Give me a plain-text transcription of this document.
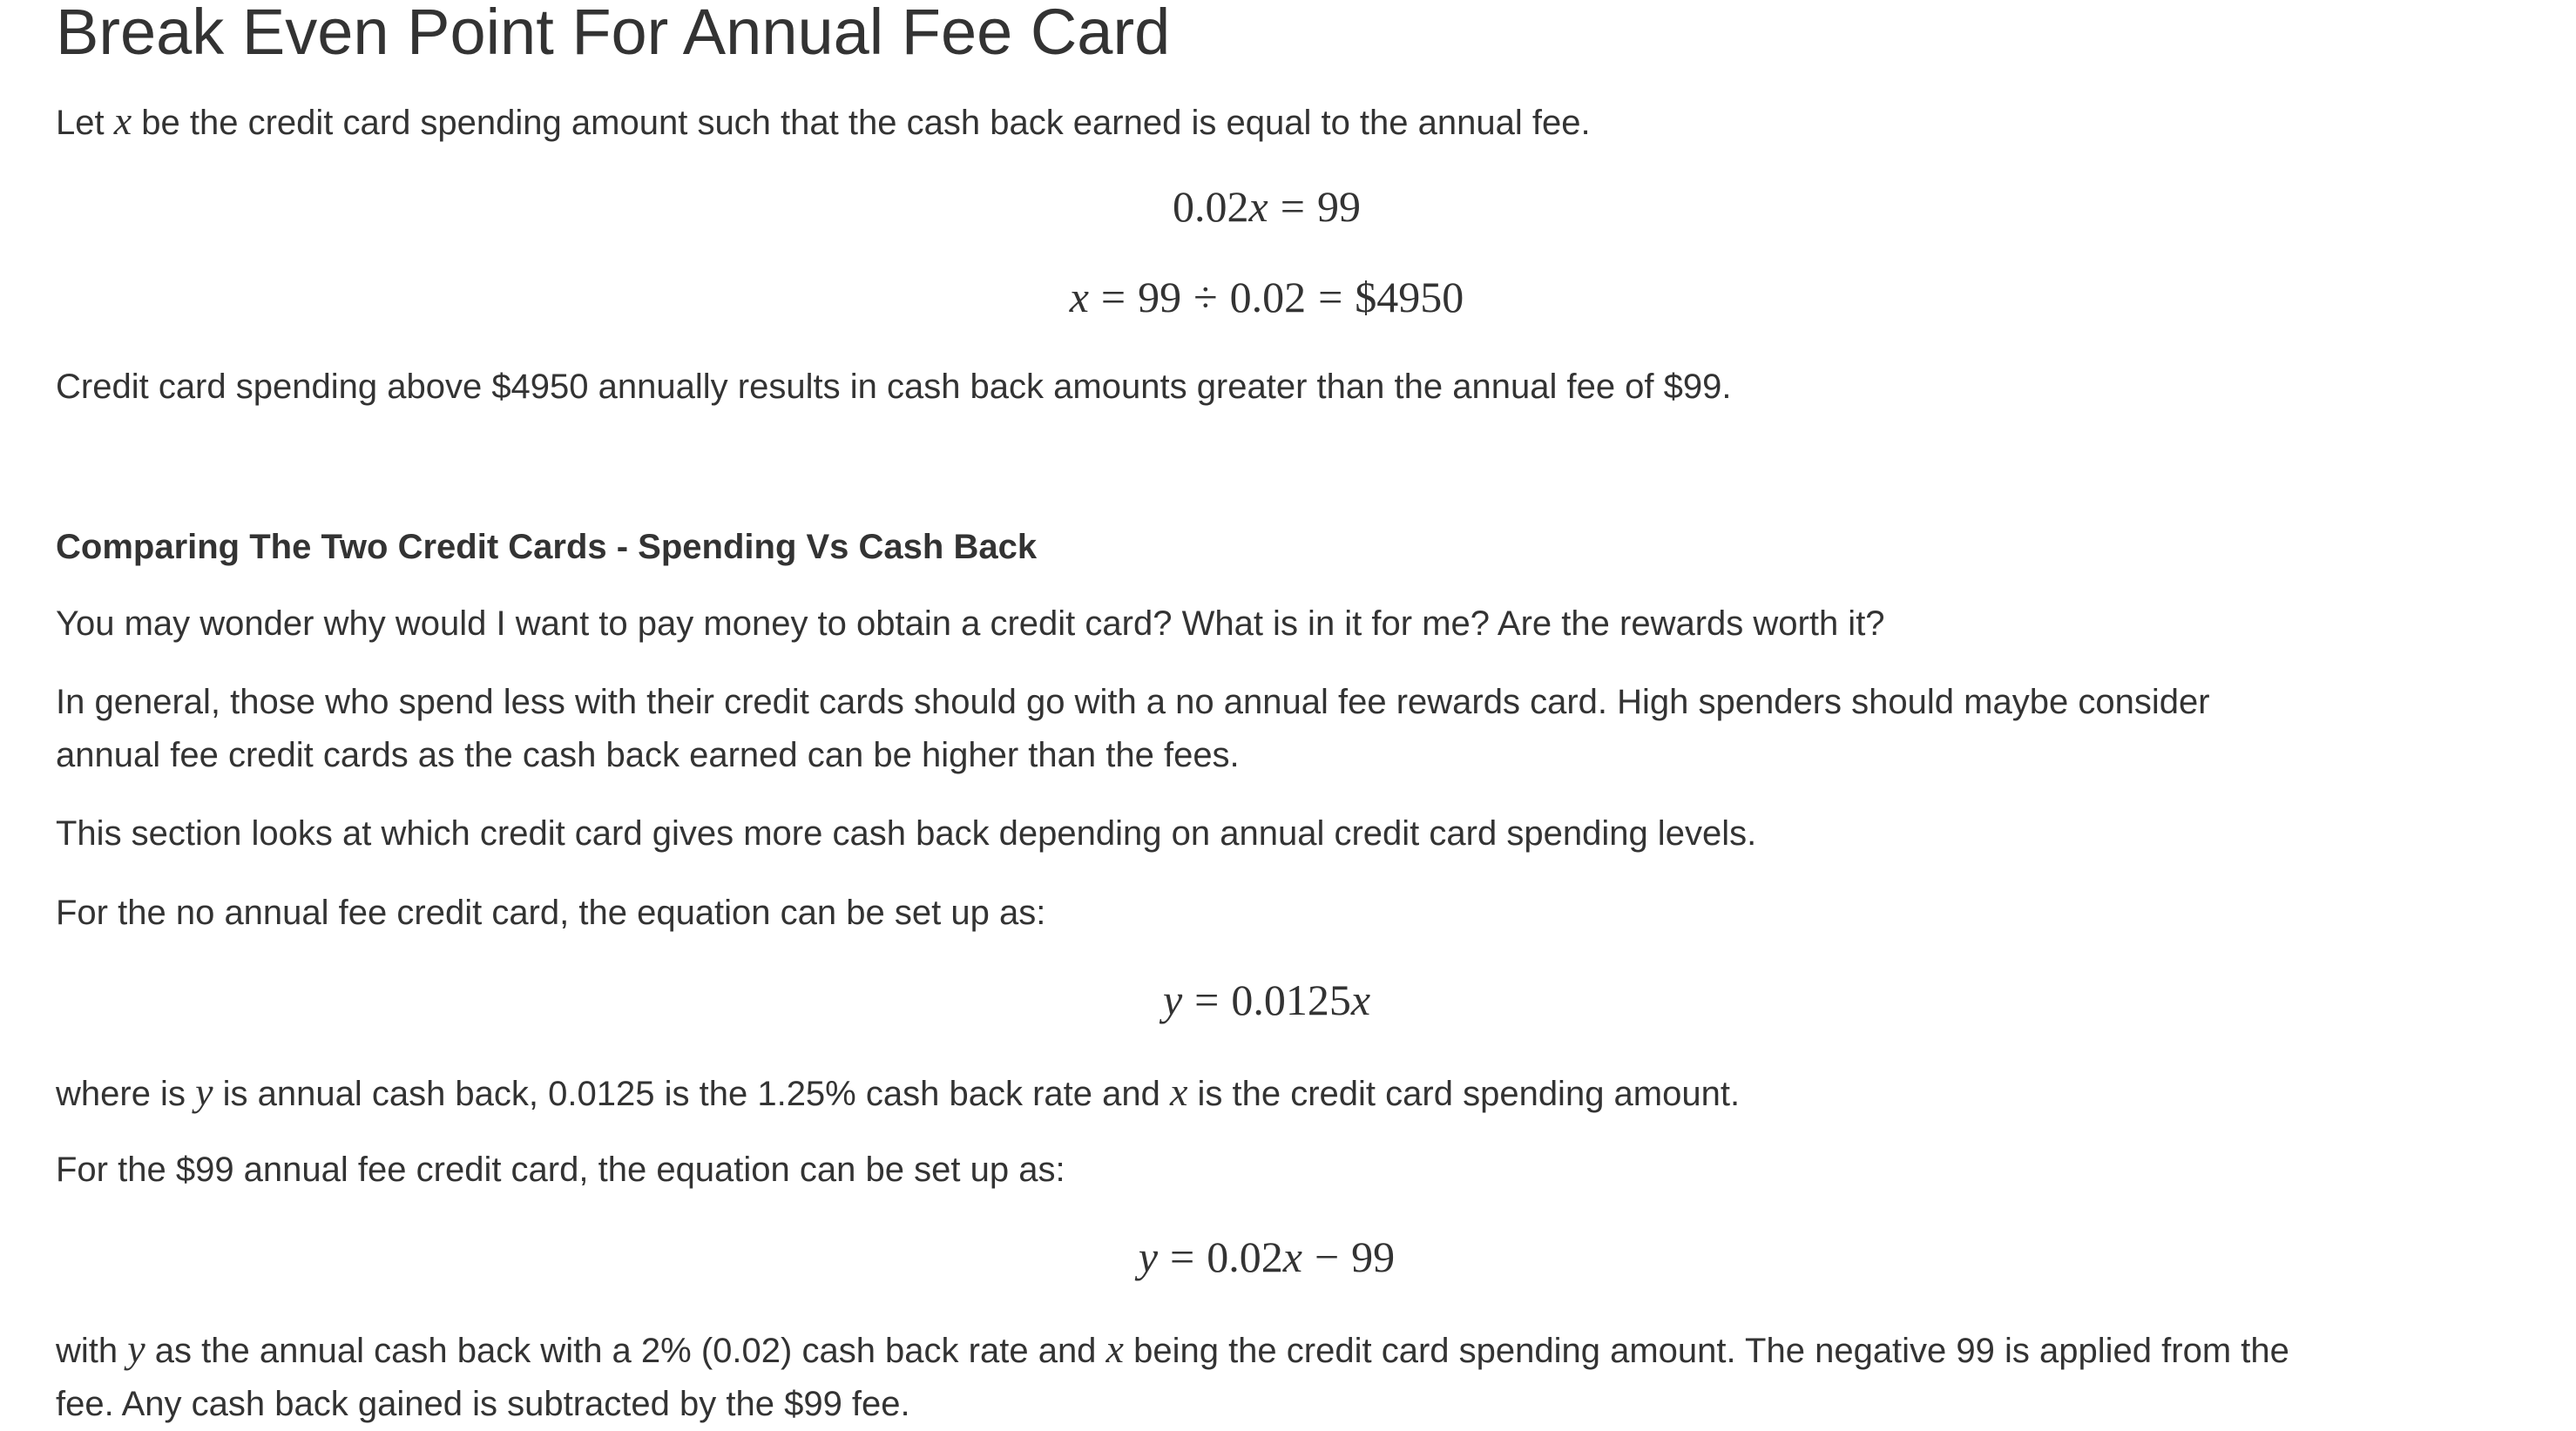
Break Even Point For Annual Fee Card

Let x be the credit card spending amount such that the cash back earned is equal to the annual fee.

0.02x = 99
x = 99 ÷ 0.02 = $4950

Credit card spending above $4950 annually results in cash back amounts greater than the annual fee of $99.

Comparing The Two Credit Cards - Spending Vs Cash Back

You may wonder why would I want to pay money to obtain a credit card? What is in it for me? Are the rewards worth it?

In general, those who spend less with their credit cards should go with a no annual fee rewards card. High spenders should maybe consider
annual fee credit cards as the cash back earned can be higher than the fees.

This section looks at which credit card gives more cash back depending on annual credit card spending levels.

For the no annual fee credit card, the equation can be set up as:

y = 0.0125x

where is y is annual cash back, 0.0125 is the 1.25% cash back rate and x is the credit card spending amount.

For the $99 annual fee credit card, the equation can be set up as:

y = 0.02x − 99

with y as the annual cash back with a 2% (0.02) cash back rate and x being the credit card spending amount. The negative 99 is applied from the
fee. Any cash back gained is subtracted by the $99 fee.
